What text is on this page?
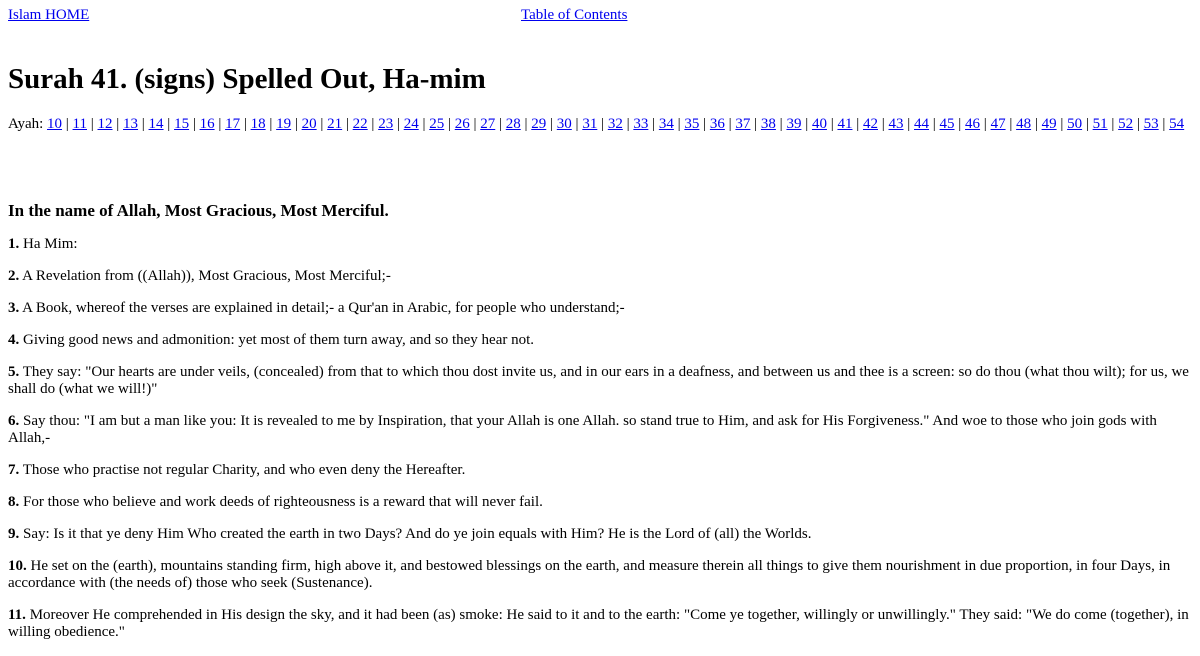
Islam HOME	Table of Contents
Surah 41. (signs) Spelled Out, Ha-mim
Ayah: 10 | 11 | 12 | 13 | 14 | 15 | 16 | 17 | 18 | 19 | 20 | 21 | 22 | 23 | 24 | 25 | 26 | 27 | 28 | 29 | 30 | 31 | 32 | 33 | 34 | 35 | 36 | 37 | 38 | 39 | 40 | 41 | 42 | 43 | 44 | 45 | 46 | 47 | 48 | 49 | 50 | 51 | 52 | 53 | 54
In the name of Allah, Most Gracious, Most Merciful.

1. Ha Mim:

2. A Revelation from ((Allah)), Most Gracious, Most Merciful;-

3. A Book, whereof the verses are explained in detail;- a Qur'an in Arabic, for people who understand;-

4. Giving good news and admonition: yet most of them turn away, and so they hear not.

5. They say: "Our hearts are under veils, (concealed) from that to which thou dost invite us, and in our ears in a deafness, and between us and thee is a screen: so do thou (what thou wilt); for us, we shall do (what we will!)"

6. Say thou: "I am but a man like you: It is revealed to me by Inspiration, that your Allah is one Allah. so stand true to Him, and ask for His Forgiveness." And woe to those who join gods with Allah,-

7. Those who practise not regular Charity, and who even deny the Hereafter.

8. For those who believe and work deeds of righteousness is a reward that will never fail.

9. Say: Is it that ye deny Him Who created the earth in two Days? And do ye join equals with Him? He is the Lord of (all) the Worlds.

10. He set on the (earth), mountains standing firm, high above it, and bestowed blessings on the earth, and measure therein all things to give them nourishment in due proportion, in four Days, in accordance with (the needs of) those who seek (Sustenance).

11. Moreover He comprehended in His design the sky, and it had been (as) smoke: He said to it and to the earth: "Come ye together, willingly or unwillingly." They said: "We do come (together), in willing obedience."
